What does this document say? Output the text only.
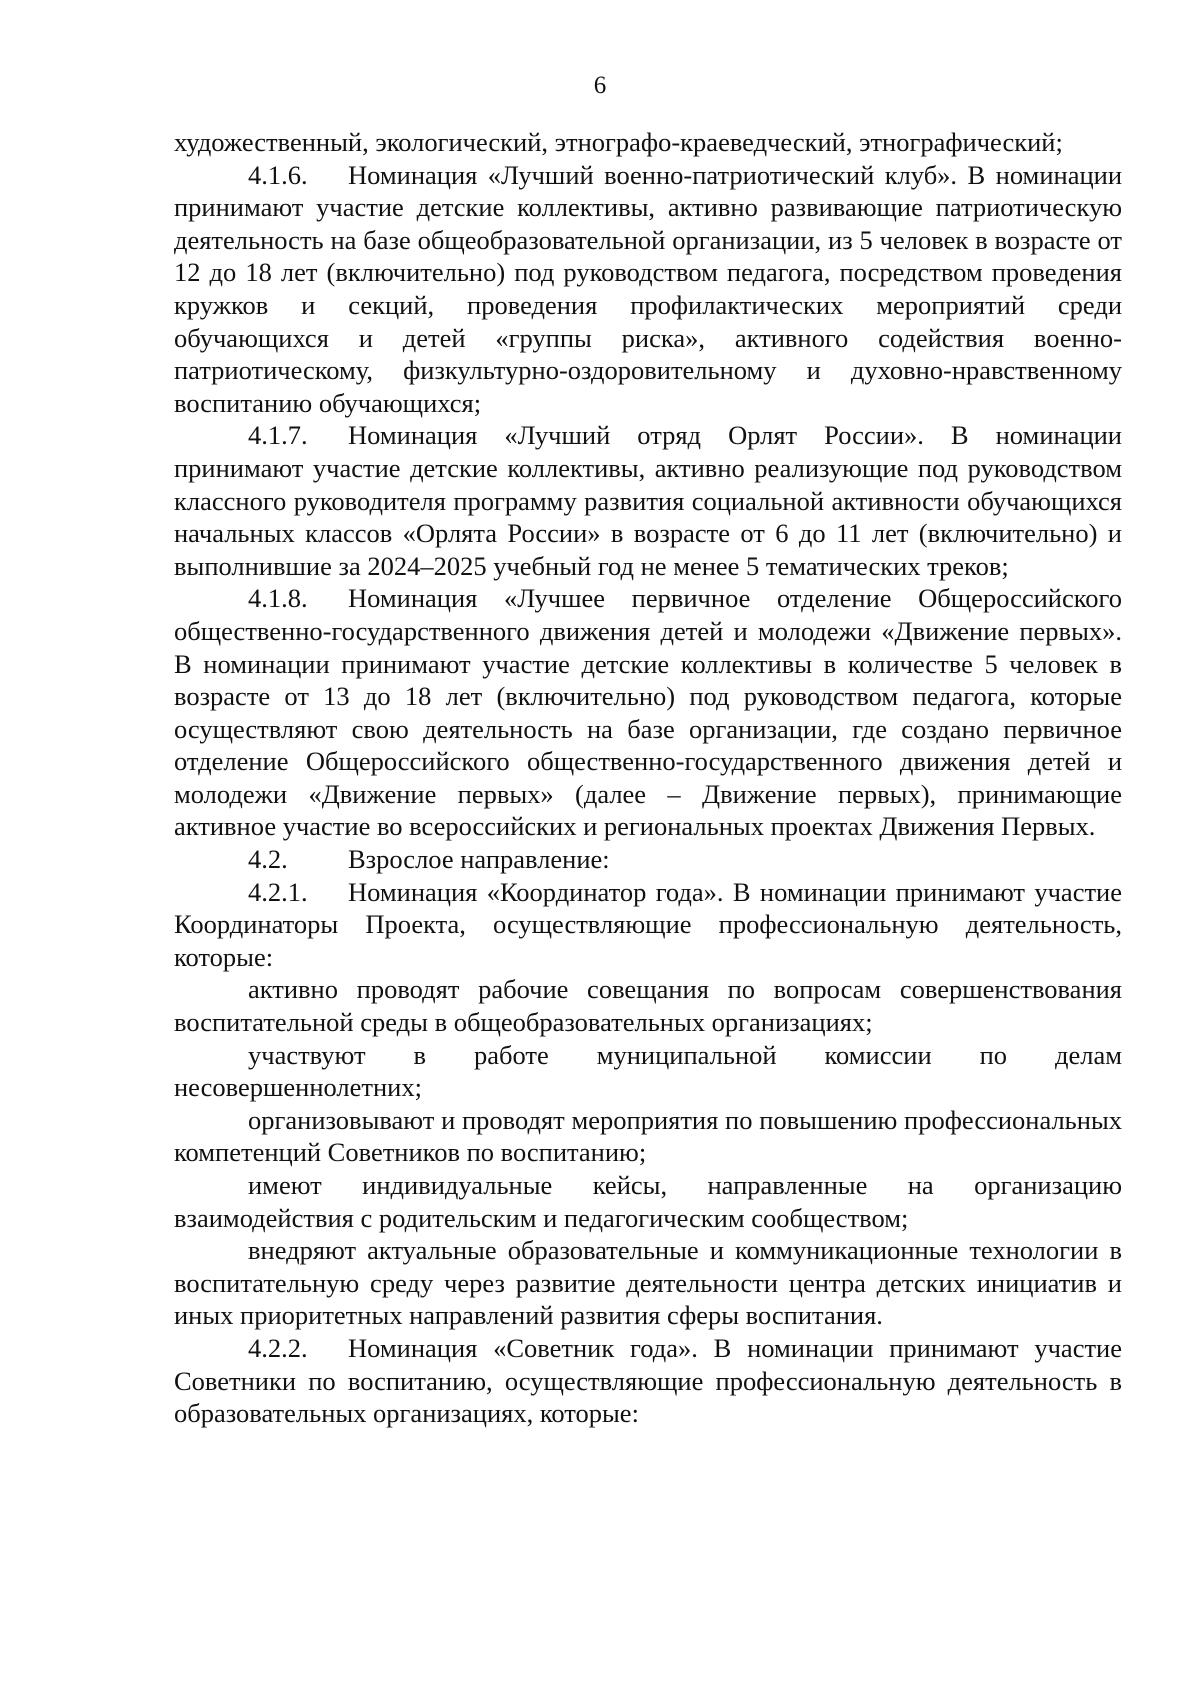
6

художественный, экологический, этнографо-краеведческий, этнографический;

4.1.6. Номинация «Лучший военно-патриотический клуб». В номинации принимают участие детские коллективы, активно развивающие патриотическую деятельность на базе общеобразовательной организации, из 5 человек в возрасте от 12 до 18 лет (включительно) под руководством педагога, посредством проведения кружков и секций, проведения профилактических мероприятий среди обучающихся и детей «группы риска», активного содействия военно-патриотическому, физкультурно-оздоровительному и духовно-нравственному воспитанию обучающихся;

4.1.7. Номинация «Лучший отряд Орлят России». В номинации принимают участие детские коллективы, активно реализующие под руководством классного руководителя программу развития социальной активности обучающихся начальных классов «Орлята России» в возрасте от 6 до 11 лет (включительно) и выполнившие за 2024–2025 учебный год не менее 5 тематических треков;

4.1.8. Номинация «Лучшее первичное отделение Общероссийского общественно-государственного движения детей и молодежи «Движение первых». В номинации принимают участие детские коллективы в количестве 5 человек в возрасте от 13 до 18 лет (включительно) под руководством педагога, которые осуществляют свою деятельность на базе организации, где создано первичное отделение Общероссийского общественно-государственного движения детей и молодежи «Движение первых» (далее – Движение первых), принимающие активное участие во всероссийских и региональных проектах Движения Первых.

4.2. Взрослое направление:

4.2.1. Номинация «Координатор года». В номинации принимают участие Координаторы Проекта, осуществляющие профессиональную деятельность, которые:

активно проводят рабочие совещания по вопросам совершенствования воспитательной среды в общеобразовательных организациях;

участвуют в работе муниципальной комиссии по делам несовершеннолетних;

организовывают и проводят мероприятия по повышению профессиональных компетенций Советников по воспитанию;

имеют индивидуальные кейсы, направленные на организацию взаимодействия с родительским и педагогическим сообществом;

внедряют актуальные образовательные и коммуникационные технологии в воспитательную среду через развитие деятельности центра детских инициатив и иных приоритетных направлений развития сферы воспитания.

4.2.2. Номинация «Советник года». В номинации принимают участие Советники по воспитанию, осуществляющие профессиональную деятельность в образовательных организациях, которые:
